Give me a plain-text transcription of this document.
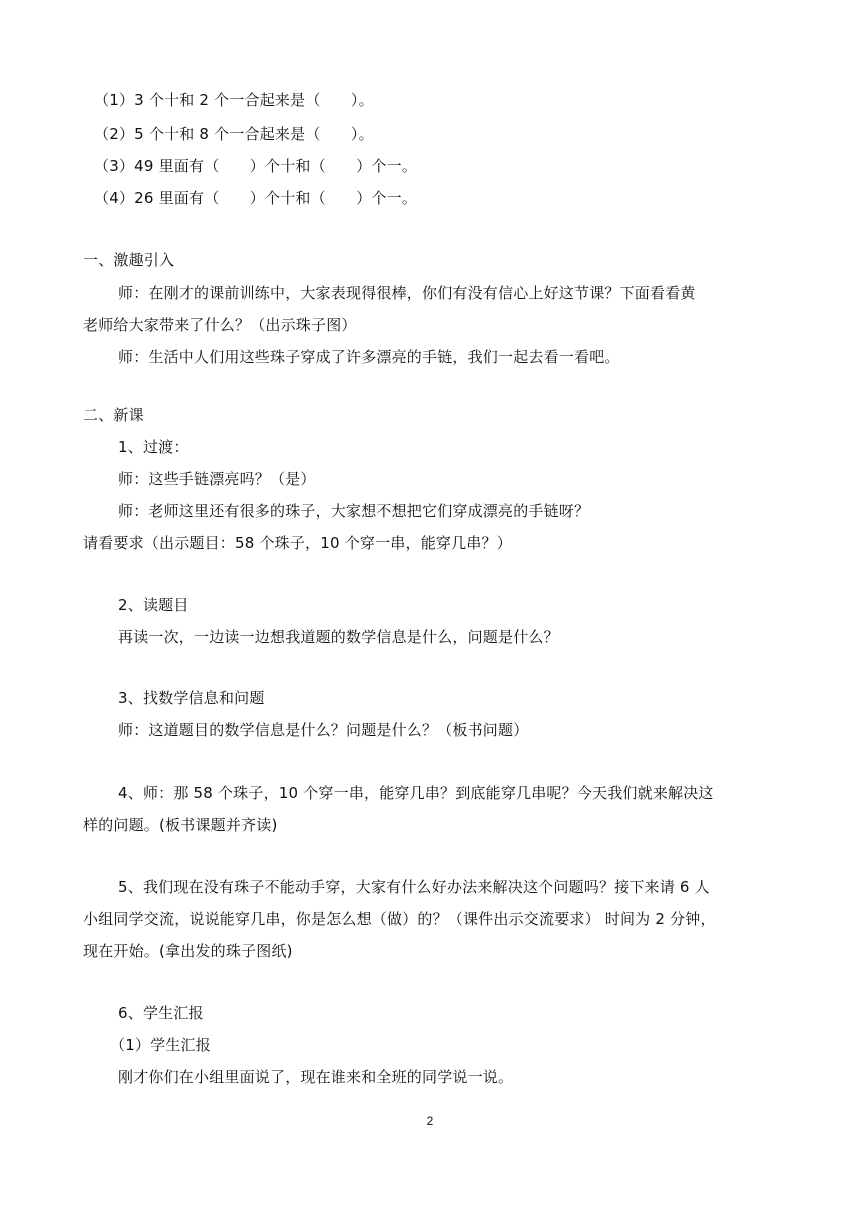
（1）3 个十和 2 个一合起来是（　　）。
（2）5 个十和 8 个一合起来是（　　）。
（3）49 里面有（　　）个十和（　　）个一。
（4）26 里面有（　　）个十和（　　）个一。
一、激趣引入
师：在刚才的课前训练中，大家表现得很棒，你们有没有信心上好这节课？下面看看黄
老师给大家带来了什么？（出示珠子图）
师：生活中人们用这些珠子穿成了许多漂亮的手链，我们一起去看一看吧。
二、新课
1、过渡：
师：这些手链漂亮吗？（是）
师：老师这里还有很多的珠子，大家想不想把它们穿成漂亮的手链呀？
请看要求（出示题目：58 个珠子，10 个穿一串，能穿几串？）
2、读题目
再读一次，一边读一边想我道题的数学信息是什么，问题是什么？
3、找数学信息和问题
师：这道题目的数学信息是什么？问题是什么？（板书问题）
4、师：那 58 个珠子，10 个穿一串，能穿几串？到底能穿几串呢？今天我们就来解决这
样的问题。(板书课题并齐读)
5、我们现在没有珠子不能动手穿，大家有什么好办法来解决这个问题吗？接下来请 6 人
小组同学交流，说说能穿几串，你是怎么想（做）的？（课件出示交流要求） 时间为 2 分钟，
现在开始。(拿出发的珠子图纸)
6、学生汇报
（1）学生汇报
刚才你们在小组里面说了，现在谁来和全班的同学说一说。
2
